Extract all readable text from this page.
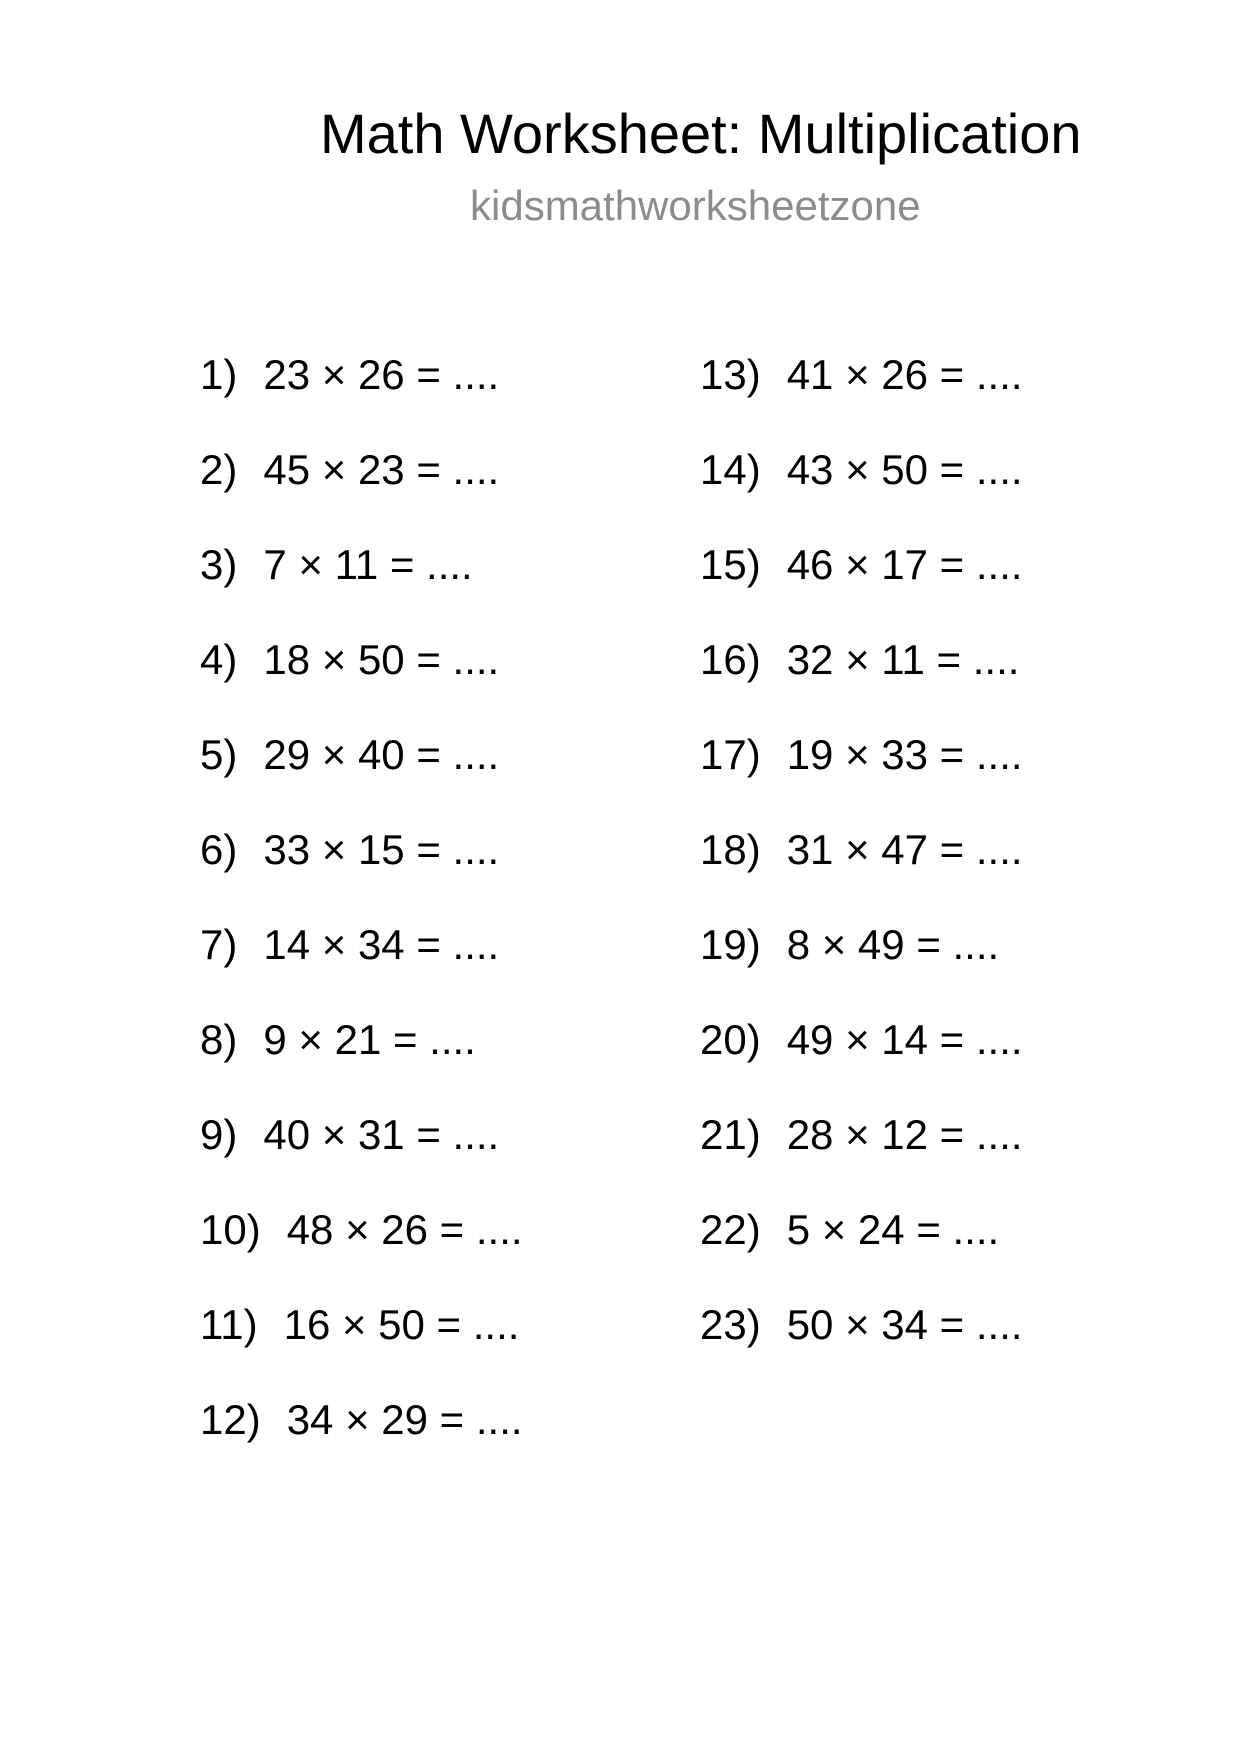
Math Worksheet: Multiplication
kidsmathworksheetzone
1) 23 × 26 = ....
2) 45 × 23 = ....
3) 7 × 11 = ....
4) 18 × 50 = ....
5) 29 × 40 = ....
6) 33 × 15 = ....
7) 14 × 34 = ....
8) 9 × 21 = ....
9) 40 × 31 = ....
10) 48 × 26 = ....
11) 16 × 50 = ....
12) 34 × 29 = ....
13) 41 × 26 = ....
14) 43 × 50 = ....
15) 46 × 17 = ....
16) 32 × 11 = ....
17) 19 × 33 = ....
18) 31 × 47 = ....
19) 8 × 49 = ....
20) 49 × 14 = ....
21) 28 × 12 = ....
22) 5 × 24 = ....
23) 50 × 34 = ....
